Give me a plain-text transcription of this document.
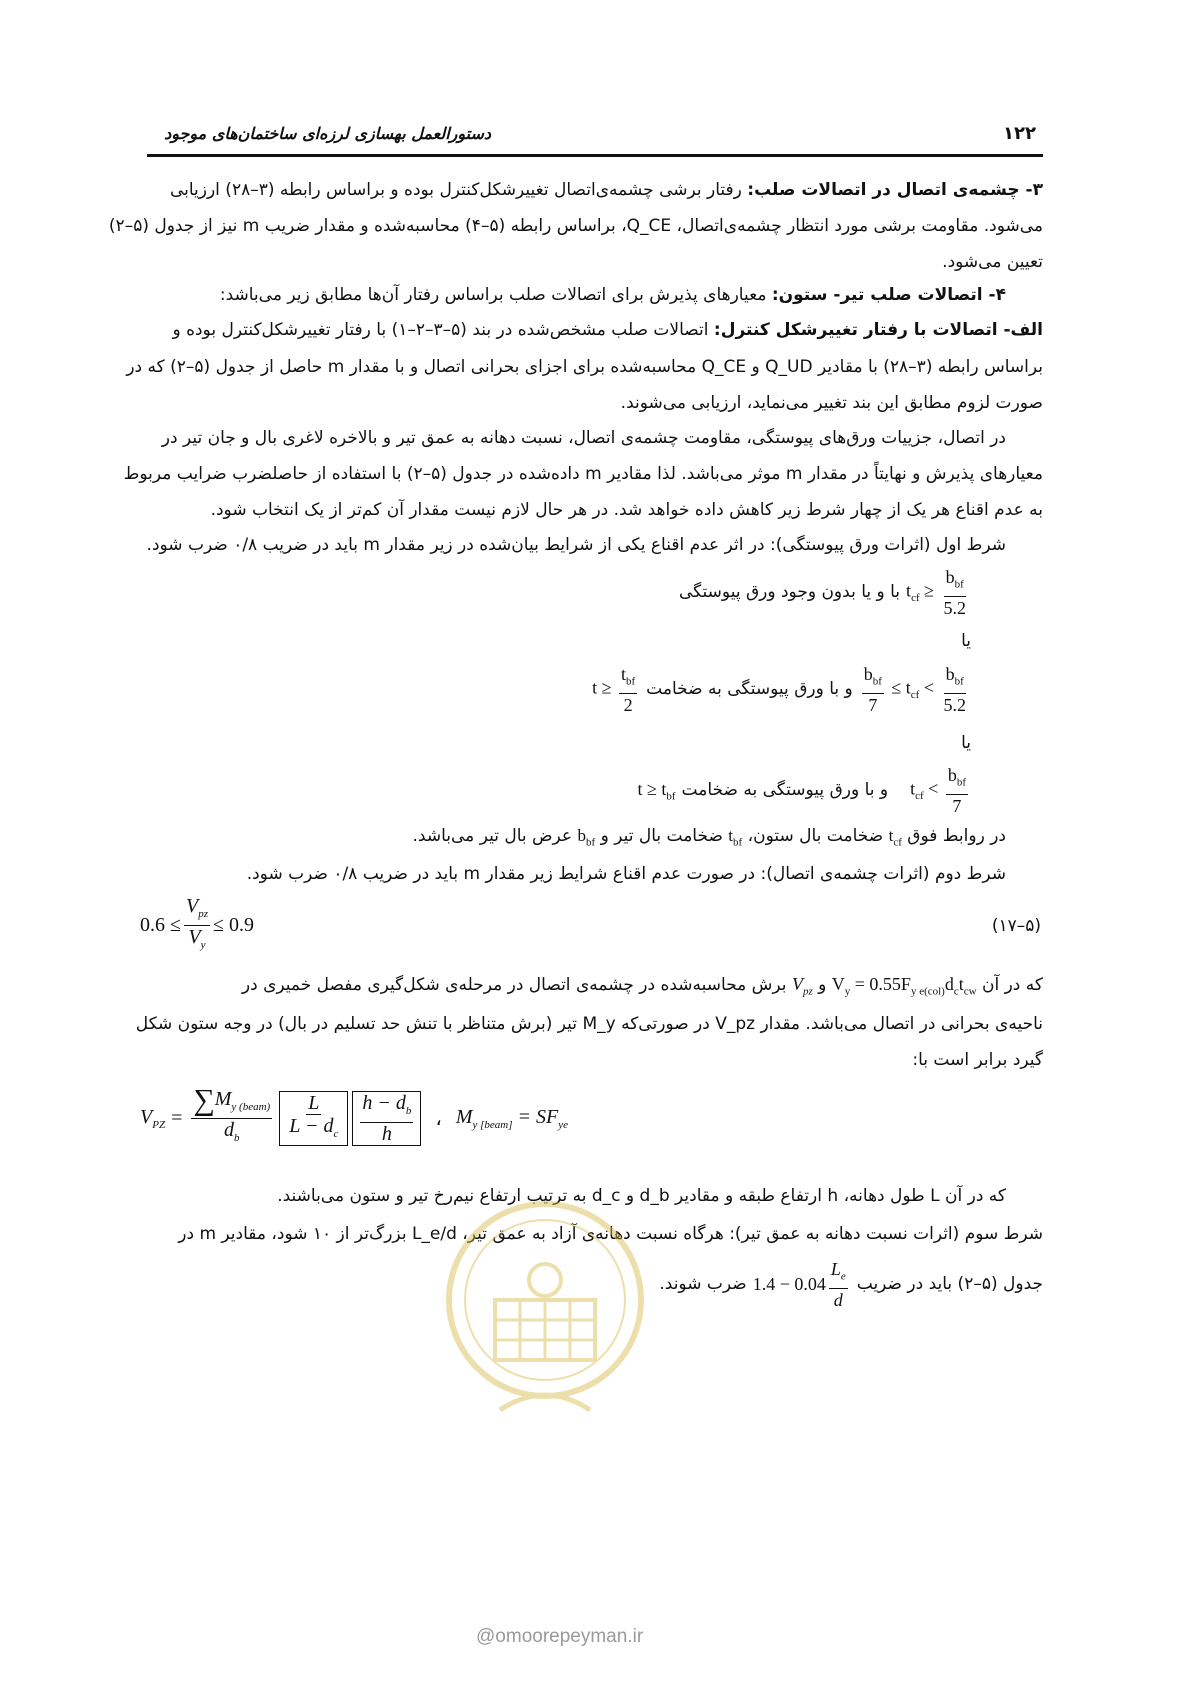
۱۲۲
دستورالعمل بهسازی لرزه‌ای ساختمان‌های موجود
۳- چشمه‌ی اتصال در اتصالات صلب: رفتار برشی چشمه‌ی‌اتصال تغییرشکل‌کنترل بوده و براساس رابطه (۳–۲۸) ارزیابی
می‌شود. مقاومت برشی مورد انتظار چشمه‌ی‌اتصال، Q_CE، براساس رابطه (۵–۴) محاسبه‌شده و مقدار ضریب m نیز از جدول (۵–۲)
تعیین می‌شود.
۴- اتصالات صلب تیر- ستون: معیارهای پذیرش برای اتصالات صلب براساس رفتار آن‌ها مطابق زیر می‌باشد:
الف- اتصالات با رفتار تغییرشکل کنترل: اتصالات صلب مشخص‌شده در بند (۵–۳–۲–۱) با رفتار تغییرشکل‌کنترل بوده و
براساس رابطه (۳–۲۸) با مقادیر Q_UD و Q_CE محاسبه‌شده برای اجزای بحرانی اتصال و با مقدار m حاصل از جدول (۵–۲) که در
صورت لزوم مطابق این بند تغییر می‌نماید، ارزیابی می‌شوند.
در اتصال، جزییات ورق‌های پیوستگی، مقاومت چشمه‌ی اتصال، نسبت دهانه به عمق تیر و بالاخره لاغری بال و جان تیر در
معیارهای پذیرش و نهایتاً در مقدار m موثر می‌باشد. لذا مقادیر m داده‌شده در جدول (۵–۲) با استفاده از حاصلضرب ضرایب مربوط
به عدم اقناع هر یک از چهار شرط زیر کاهش داده خواهد شد. در هر حال لازم نیست مقدار آن کم‌تر از یک انتخاب شود.
شرط اول (اثرات ورق پیوستگی): در اثر عدم اقناع یکی از شرایط بیان‌شده در زیر مقدار m باید در ضریب ۰/۸ ضرب شود.
$t_{cf} \ge \frac{b_{bf}}{5.2}$
با و یا بدون وجود ورق پیوستگی
یا
$\frac{b_{bf}}{7} \le t_{cf} < \frac{b_{bf}}{5.2}$
و با ورق پیوستگی به ضخامت
$t \ge \frac{t_{bf}}{2}$
یا
$t_{cf} < \frac{b_{bf}}{7}$
و با ورق پیوستگی به ضخامت
$t \ge t_{bf}$
در روابط فوق $t_{cf}$ ضخامت بال ستون، $t_{bf}$ ضخامت بال تیر و $b_{bf}$ عرض بال تیر می‌باشد.
شرط دوم (اثرات چشمه‌ی اتصال): در صورت عدم اقناع شرایط زیر مقدار m باید در ضریب ۰/۸ ضرب شود.
$0.6 \le \frac{V_{pz}}{V_y} \le 0.9$	(۵–۱۷)
که در آن $V_y = 0.55F_{y e(col)}d_ct_{cw}$ و $V_{pz}$ برش محاسبه‌شده در چشمه‌ی اتصال در مرحله‌ی شکل‌گیری مفصل خمیری در
ناحیه‌ی بحرانی در اتصال می‌باشد. مقدار V_pz در صورتی‌که M_y تیر (برش متناظر با تنش حد تسلیم در بال) در وجه ستون شکل
گیرد برابر است با:
$V_{PZ} = \frac{\sum M_{y (beam)}}{d_b} \frac{L}{L - d_c} \frac{h - d_b}{h}$ ، $M_{y [beam]} = SF_{ye}$
که در آن L طول دهانه، h ارتفاع طبقه و مقادیر d_b و d_c به ترتیب ارتفاع نیم‌رخ تیر و ستون می‌باشند.
شرط سوم (اثرات نسبت دهانه به عمق تیر): هرگاه نسبت دهانه‌ی آزاد به عمق تیر، L_e/d بزرگ‌تر از ۱۰ شود، مقادیر m در
جدول (۵–۲) باید در ضریب
$1.4 - 0.04 \frac{L_e}{d}$
ضرب شوند.
@omoorepeyman.ir
